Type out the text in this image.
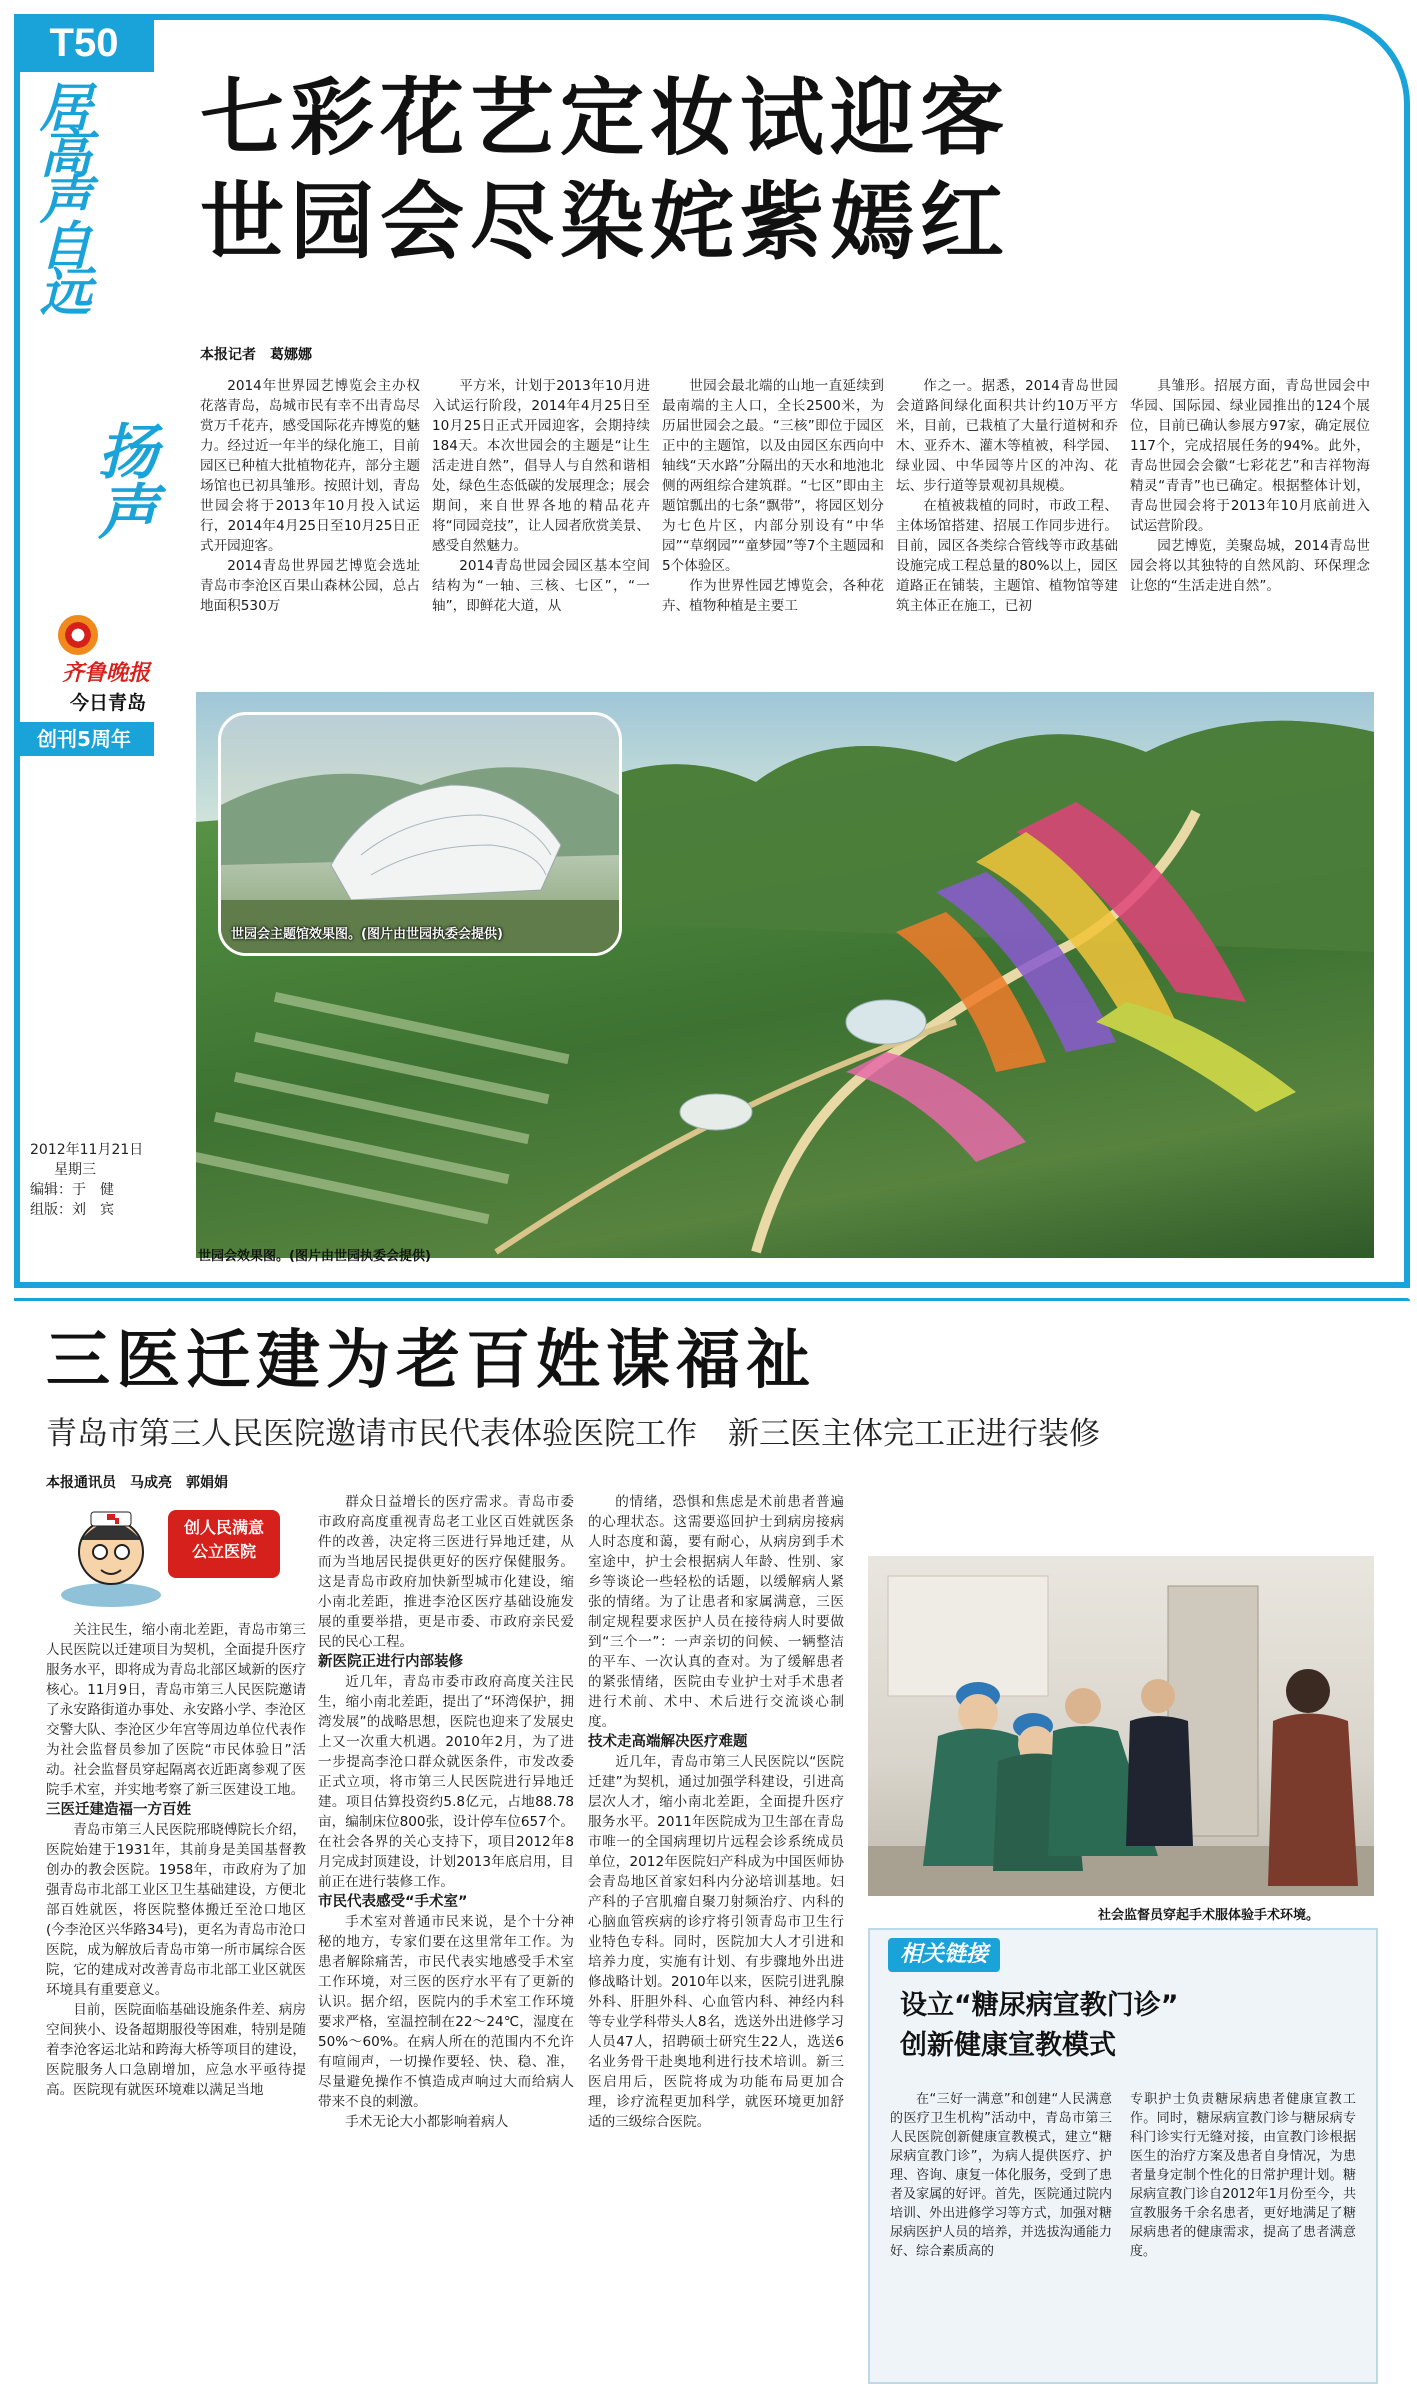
T50
居高声自远
扬声
齐鲁晚报
今日青岛
创刊5周年
2012年11月21日
星期三
编辑：于　健
组版：刘　宾
七彩花艺定妆试迎客
世园会尽染姹紫嫣红
本报记者　葛娜娜

2014年世界园艺博览会主办权花落青岛，岛城市民有幸不出青岛尽赏万千花卉，感受国际花卉博览的魅力。经过近一年半的绿化施工，目前园区已种植大批植物花卉，部分主题场馆也已初具雏形。按照计划，青岛世园会将于2013年10月投入试运行，2014年4月25日至10月25日正式开园迎客。

2014青岛世界园艺博览会选址青岛市李沧区百果山森林公园，总占地面积530万

平方米，计划于2013年10月进入试运行阶段，2014年4月25日至10月25日正式开园迎客，会期持续184天。本次世园会的主题是“让生活走进自然”，倡导人与自然和谐相处，绿色生态低碳的发展理念；展会期间，来自世界各地的精品花卉将“同园竞技”，让人园者欣赏美景、感受自然魅力。

2014青岛世园会园区基本空间结构为“一轴、三核、七区”，“一轴”，即鲜花大道，从

世园会最北端的山地一直延续到最南端的主人口，全长2500米，为历届世园会之最。“三核”即位于园区正中的主题馆，以及由园区东西向中轴线“天水路”分隔出的天水和地池北侧的两组综合建筑群。“七区”即由主题馆瓢出的七条“飘带”，将园区划分为七色片区，内部分别设有“中华园”“草纲园”“童梦园”等7个主题园和5个体验区。

作为世界性园艺博览会，各种花卉、植物种植是主要工

作之一。据悉，2014青岛世园会道路间绿化面积共计约10万平方米，目前，已栽植了大量行道树和乔木、亚乔木、灌木等植被，科学园、绿业园、中华园等片区的冲沟、花坛、步行道等景观初具规模。

在植被栽植的同时，市政工程、主体场馆搭建、招展工作同步进行。目前，园区各类综合管线等市政基础设施完成工程总量的80%以上，园区道路正在铺装，主题馆、植物馆等建筑主体正在施工，已初

具雏形。招展方面，青岛世园会中华园、国际园、绿业园推出的124个展位，目前已确认参展方97家，确定展位117个，完成招展任务的94%。此外，青岛世园会会徽“七彩花艺”和吉祥物海精灵“青青”也已确定。根据整体计划，青岛世园会将于2013年10月底前进入试运营阶段。

园艺博览，美聚岛城，2014青岛世园会将以其独特的自然风韵、环保理念让您的“生活走进自然”。

世园会主题馆效果图。(图片由世园执委会提供)
世园会效果图。(图片由世园执委会提供)
三医迁建为老百姓谋福祉
青岛市第三人民医院邀请市民代表体验医院工作　新三医主体完工正进行装修
本报通讯员　马成亮　郭娟娟
创人民满意
公立医院

关注民生，缩小南北差距，青岛市第三人民医院以迁建项目为契机，全面提升医疗服务水平，即将成为青岛北部区域新的医疗核心。11月9日，青岛市第三人民医院邀请了永安路街道办事处、永安路小学、李沧区交警大队、李沧区少年宫等周边单位代表作为社会监督员参加了医院“市民体验日”活动。社会监督员穿起隔离衣近距离参观了医院手术室，并实地考察了新三医建设工地。

三医迁建造福一方百姓

青岛市第三人民医院邢晓傅院长介绍，医院始建于1931年，其前身是美国基督教创办的教会医院。1958年，市政府为了加强青岛市北部工业区卫生基础建设，方便北部百姓就医，将医院整体搬迁至沧口地区(今李沧区兴华路34号)，更名为青岛市沧口医院，成为解放后青岛市第一所市属综合医院，它的建成对改善青岛市北部工业区就医环境具有重要意义。

目前，医院面临基础设施条件差、病房空间狭小、设备超期服役等困难，特别是随着李沧客运北站和跨海大桥等项目的建设，医院服务人口急剧增加，应急水平亟待提高。医院现有就医环境难以满足当地

群众日益增长的医疗需求。青岛市委市政府高度重视青岛老工业区百姓就医条件的改善，决定将三医进行异地迁建，从而为当地居民提供更好的医疗保健服务。这是青岛市政府加快新型城市化建设，缩小南北差距，推进李沧区医疗基础设施发展的重要举措，更是市委、市政府亲民爱民的民心工程。

新医院正进行内部装修

近几年，青岛市委市政府高度关注民生，缩小南北差距，提出了“环湾保护，拥湾发展”的战略思想，医院也迎来了发展史上又一次重大机遇。2010年2月，为了进一步提高李沧口群众就医条件，市发改委正式立项，将市第三人民医院进行异地迁建。项目估算投资约5.8亿元，占地88.78亩，编制床位800张，设计停车位657个。在社会各界的关心支持下，项目2012年8月完成封顶建设，计划2013年底启用，目前正在进行装修工作。

市民代表感受“手术室”

手术室对普通市民来说，是个十分神秘的地方，专家们要在这里常年工作。为患者解除痛苦，市民代表实地感受手术室工作环境，对三医的医疗水平有了更新的认识。据介绍，医院内的手术室工作环境要求严格，室温控制在22～24℃，湿度在50%～60%。在病人所在的范围内不允许有喧闹声，一切操作要轻、快、稳、准，尽量避免操作不慎造成声响过大而给病人带来不良的刺激。

手术无论大小都影响着病人

的情绪，恐惧和焦虑是术前患者普遍的心理状态。这需要巡回护士到病房接病人时态度和蔼，要有耐心，从病房到手术室途中，护士会根据病人年龄、性别、家乡等谈论一些轻松的话题，以缓解病人紧张的情绪。为了让患者和家属满意，三医制定规程要求医护人员在接待病人时要做到“三个一”：一声亲切的问候、一辆整洁的平车、一次认真的查对。为了缓解患者的紧张情绪，医院由专业护士对手术患者进行术前、术中、术后进行交流谈心制度。

技术走高端解决医疗难题

近几年，青岛市第三人民医院以“医院迁建”为契机，通过加强学科建设，引进高层次人才，缩小南北差距，全面提升医疗服务水平。2011年医院成为卫生部在青岛市唯一的全国病理切片远程会诊系统成员单位，2012年医院妇产科成为中国医师协会青岛地区首家妇科内分泌培训基地。妇产科的子宫肌瘤自聚刀射频治疗、内科的心脑血管疾病的诊疗将引领青岛市卫生行业特色专科。同时，医院加大人才引进和培养力度，实施有计划、有步骤地外出进修战略计划。2010年以来，医院引进乳腺外科、肝胆外科、心血管内科、神经内科等专业学科带头人8名，选送外出进修学习人员47人，招聘硕士研究生22人，选送6名业务骨干赴奥地利进行技术培训。新三医启用后，医院将成为功能布局更加合理，诊疗流程更加科学，就医环境更加舒适的三级综合医院。

社会监督员穿起手术服体验手术环境。
相关链接
设立“糖尿病宣教门诊”
创新健康宣教模式

在“三好一满意”和创建“人民满意的医疗卫生机构”活动中，青岛市第三人民医院创新健康宣教模式，建立“糖尿病宣教门诊”，为病人提供医疗、护理、咨询、康复一体化服务，受到了患者及家属的好评。首先，医院通过院内培训、外出进修学习等方式，加强对糖尿病医护人员的培养，并选拔沟通能力好、综合素质高的

专职护士负责糖尿病患者健康宣教工作。同时，糖尿病宣教门诊与糖尿病专科门诊实行无缝对接，由宣教门诊根据医生的治疗方案及患者自身情况，为患者量身定制个性化的日常护理计划。糖尿病宣教门诊自2012年1月份至今，共宣教服务千余名患者，更好地满足了糖尿病患者的健康需求，提高了患者满意度。
